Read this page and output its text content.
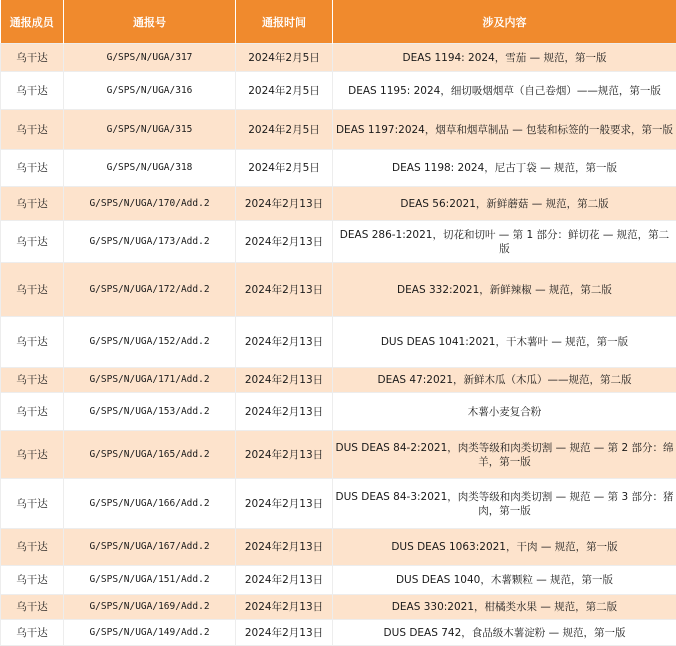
通报成员	通报号	通报时间	涉及内容
乌干达	G/SPS/N/UGA/317	2024年2月5日	DEAS 1194: 2024，雪茄 — 规范，第一版
乌干达	G/SPS/N/UGA/316	2024年2月5日	DEAS 1195: 2024，细切吸烟烟草（自己卷烟）——规范，第一版
乌干达	G/SPS/N/UGA/315	2024年2月5日	DEAS 1197:2024，烟草和烟草制品 — 包装和标签的一般要求，第一版
乌干达	G/SPS/N/UGA/318	2024年2月5日	DEAS 1198: 2024，尼古丁袋 — 规范，第一版
乌干达	G/SPS/N/UGA/170/Add.2	2024年2月13日	DEAS 56:2021，新鲜蘑菇 — 规范，第二版
乌干达	G/SPS/N/UGA/173/Add.2	2024年2月13日	DEAS 286-1:2021，切花和切叶 — 第 1 部分：鲜切花 — 规范，第二版
乌干达	G/SPS/N/UGA/172/Add.2	2024年2月13日	DEAS 332:2021，新鲜辣椒 — 规范，第二版
乌干达	G/SPS/N/UGA/152/Add.2	2024年2月13日	DUS DEAS 1041:2021，干木薯叶 — 规范，第一版
乌干达	G/SPS/N/UGA/171/Add.2	2024年2月13日	DEAS 47:2021，新鲜木瓜（木瓜）——规范，第二版
乌干达	G/SPS/N/UGA/153/Add.2	2024年2月13日	木薯小麦复合粉
乌干达	G/SPS/N/UGA/165/Add.2	2024年2月13日	DUS DEAS 84-2:2021，肉类等级和肉类切割 — 规范 — 第 2 部分：绵羊，第一版
乌干达	G/SPS/N/UGA/166/Add.2	2024年2月13日	DUS DEAS 84-3:2021，肉类等级和肉类切割 — 规范 — 第 3 部分：猪肉，第一版
乌干达	G/SPS/N/UGA/167/Add.2	2024年2月13日	DUS DEAS 1063:2021，干肉 — 规范，第一版
乌干达	G/SPS/N/UGA/151/Add.2	2024年2月13日	DUS DEAS 1040，木薯颗粒 — 规范，第一版
乌干达	G/SPS/N/UGA/169/Add.2	2024年2月13日	DEAS 330:2021，柑橘类水果 — 规范，第二版
乌干达	G/SPS/N/UGA/149/Add.2	2024年2月13日	DUS DEAS 742，食品级木薯淀粉 — 规范，第一版
